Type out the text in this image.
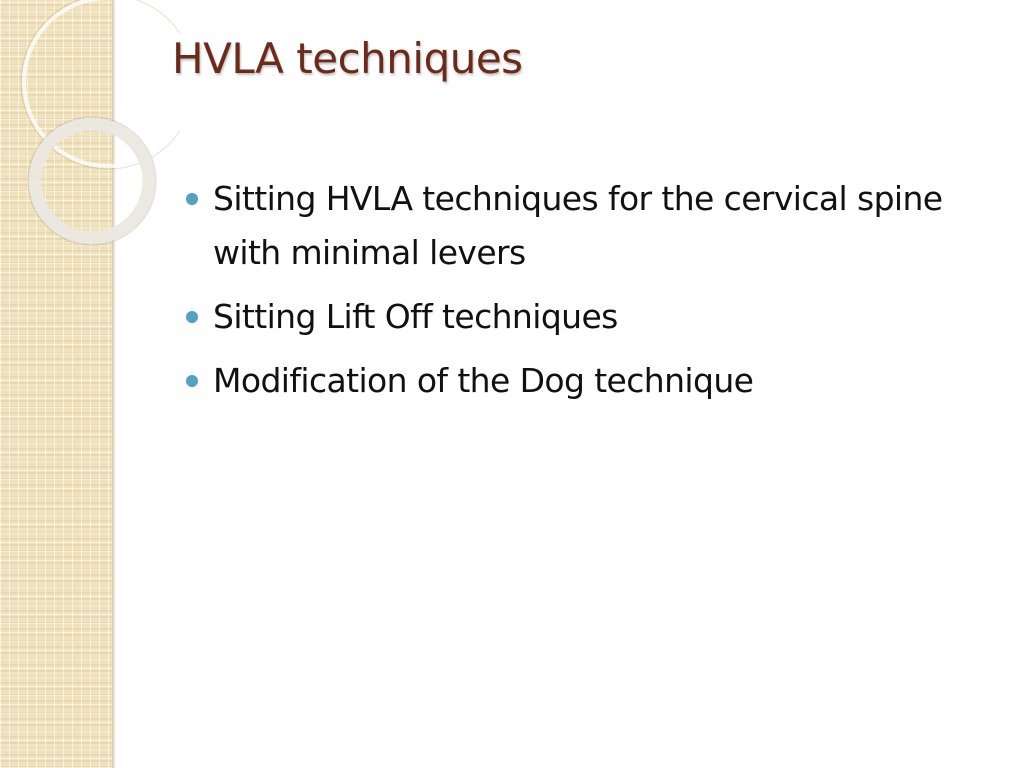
HVLA techniques
Sitting HVLA techniques for the cervical spine with minimal levers
Sitting Lift Off techniques
Modification of the Dog technique
